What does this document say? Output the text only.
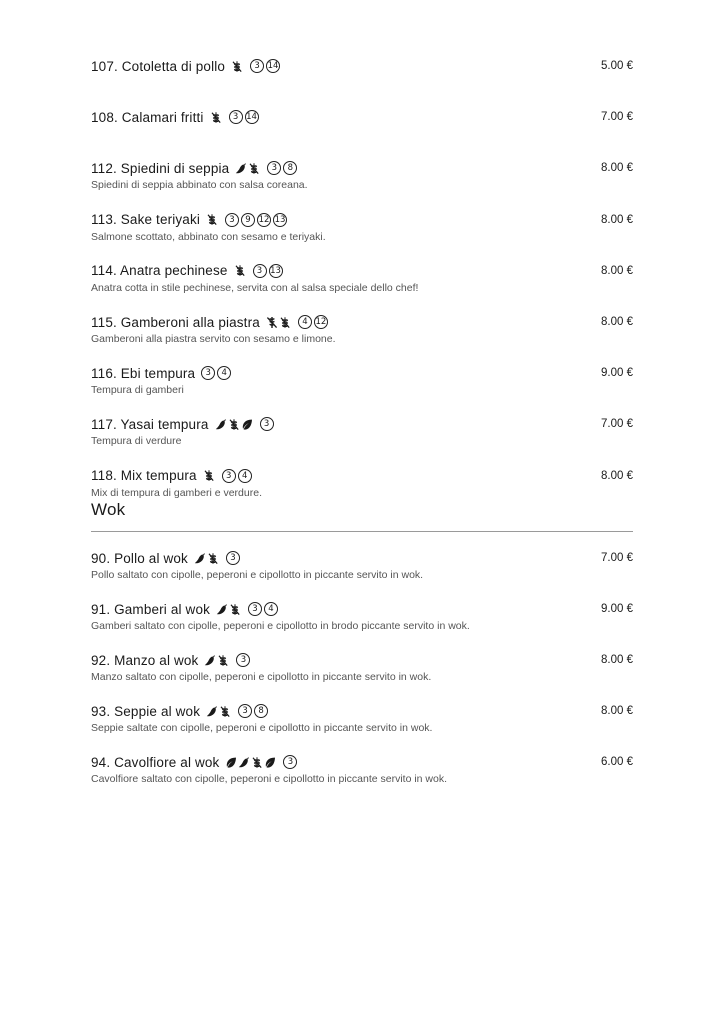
107. Cotoletta di pollo	3 14	5.00 €
108. Calamari fritti	3 14	7.00 €
112. Spiedini di seppia	3	8	8.00 €
Spiedini di seppia abbinato con salsa coreana.
113. Sake teriyaki	3	9 12 13	8.00 €
Salmone scottato, abbinato con sesamo e teriyaki.
114. Anatra pechinese	3 13	8.00 €
Anatra cotta in stile pechinese, servita con al salsa speciale dello chef!
115. Gamberoni alla piastra	4 12	8.00 €
Gamberoni alla piastra servito con sesamo e limone.
116. Ebi tempura	3	4	9.00 €
Tempura di gamberi
117. Yasai tempura	3	7.00 €
Tempura di verdure
118. Mix tempura	3	4	8.00 €
Mix di tempura di gamberi e verdure.
Wok
90. Pollo al wok	3	7.00 €
Pollo saltato con cipolle, peperoni e cipollotto in piccante servito in wok.
91. Gamberi al wok	3	4	9.00 €
Gamberi saltato con cipolle, peperoni e cipollotto in brodo piccante servito in wok.
92. Manzo al wok	3	8.00 €
Manzo saltato con cipolle, peperoni e cipollotto in piccante servito in wok.
93. Seppie al wok	3	8	8.00 €
Seppie saltate con cipolle, peperoni e cipollotto in piccante servito in wok.
94. Cavolfiore al wok	3	6.00 €
Cavolfiore saltato con cipolle, peperoni e cipollotto in piccante servito in wok.
